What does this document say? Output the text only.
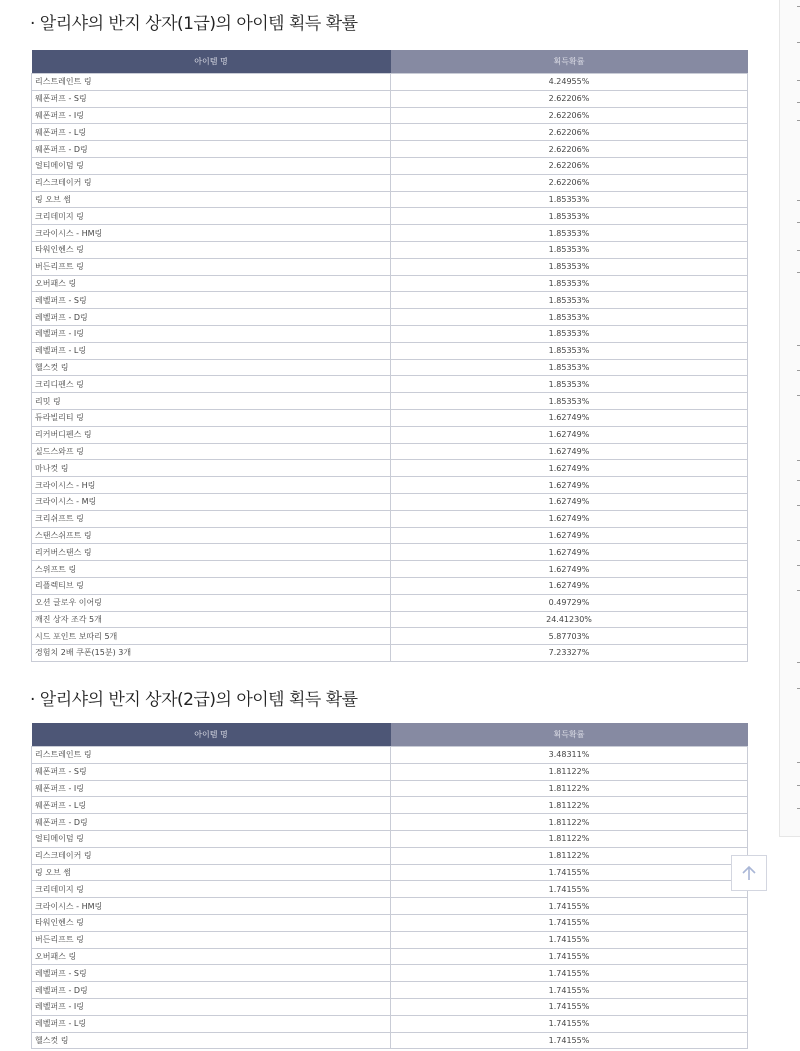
· 알리샤의 반지 상자(1급)의 아이템 획득 확률
아이템 명	획득확률
리스트레인트 링	4.24955%
웨폰퍼프 - S링	2.62206%
웨폰퍼프 - I링	2.62206%
웨폰퍼프 - L링	2.62206%
웨폰퍼프 - D링	2.62206%
얼티메이덤 링	2.62206%
리스크테이커 링	2.62206%
링 오브 썸	1.85353%
크리데미지 링	1.85353%
크라이시스 - HM링	1.85353%
타워인헨스 링	1.85353%
버든리프트 링	1.85353%
오버패스 링	1.85353%
레벨퍼프 - S링	1.85353%
레벨퍼프 - D링	1.85353%
레벨퍼프 - I링	1.85353%
레벨퍼프 - L링	1.85353%
헬스컷 링	1.85353%
크리디펜스 링	1.85353%
리밋 링	1.85353%
듀라빌리티 링	1.62749%
리커버디펜스 링	1.62749%
실드스와프 링	1.62749%
마나컷 링	1.62749%
크라이시스 - H링	1.62749%
크라이시스 - M링	1.62749%
크리쉬프트 링	1.62749%
스탠스쉬프트 링	1.62749%
리커버스탠스 링	1.62749%
스위프트 링	1.62749%
리플렉티브 링	1.62749%
오션 글로우 이어링	0.49729%
깨진 상자 조각 5개	24.41230%
시드 포인트 보따리 5개	5.87703%
경험치 2배 쿠폰(15분) 3개	7.23327%
· 알리샤의 반지 상자(2급)의 아이템 획득 확률
아이템 명	획득확률
리스트레인트 링	3.48311%
웨폰퍼프 - S링	1.81122%
웨폰퍼프 - I링	1.81122%
웨폰퍼프 - L링	1.81122%
웨폰퍼프 - D링	1.81122%
얼티메이덤 링	1.81122%
리스크테이커 링	1.81122%
링 오브 썸	1.74155%
크리데미지 링	1.74155%
크라이시스 - HM링	1.74155%
타워인헨스 링	1.74155%
버든리프트 링	1.74155%
오버패스 링	1.74155%
레벨퍼프 - S링	1.74155%
레벨퍼프 - D링	1.74155%
레벨퍼프 - I링	1.74155%
레벨퍼프 - L링	1.74155%
헬스컷 링	1.74155%
